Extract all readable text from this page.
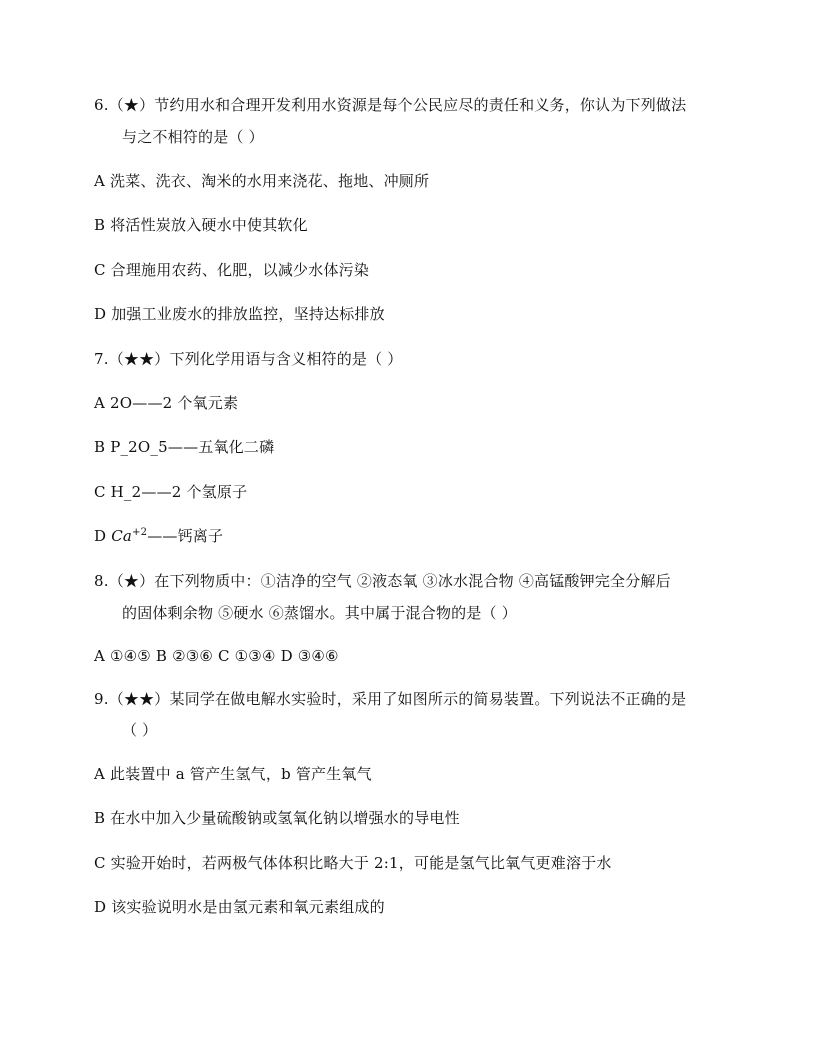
6.（★）节约用水和合理开发利用水资源是每个公民应尽的责任和义务，你认为下列做法
与之不相符的是（ ）
A 洗菜、洗衣、淘米的水用来浇花、拖地、冲厕所
B 将活性炭放入硬水中使其软化
C 合理施用农药、化肥，以减少水体污染
D 加强工业废水的排放监控，坚持达标排放
7.（★★）下列化学用语与含义相符的是（ ）
A 2O——2 个氧元素
B P_2O_5——五氧化二磷
C H_2——2 个氢原子
D $Ca^{+2}——$钙离子
8.（★）在下列物质中：①洁净的空气 ②液态氧 ③冰水混合物 ④高锰酸钾完全分解后
的固体剩余物 ⑤硬水 ⑥蒸馏水。其中属于混合物的是（ ）
A ①④⑤ B ②③⑥ C ①③④ D ③④⑥
9.（★★）某同学在做电解水实验时，采用了如图所示的简易装置。下列说法不正确的是
（ ）
A 此装置中 a 管产生氢气，b 管产生氧气
B 在水中加入少量硫酸钠或氢氧化钠以增强水的导电性
C 实验开始时，若两极气体体积比略大于 2:1，可能是氢气比氧气更难溶于水
D 该实验说明水是由氢元素和氧元素组成的
